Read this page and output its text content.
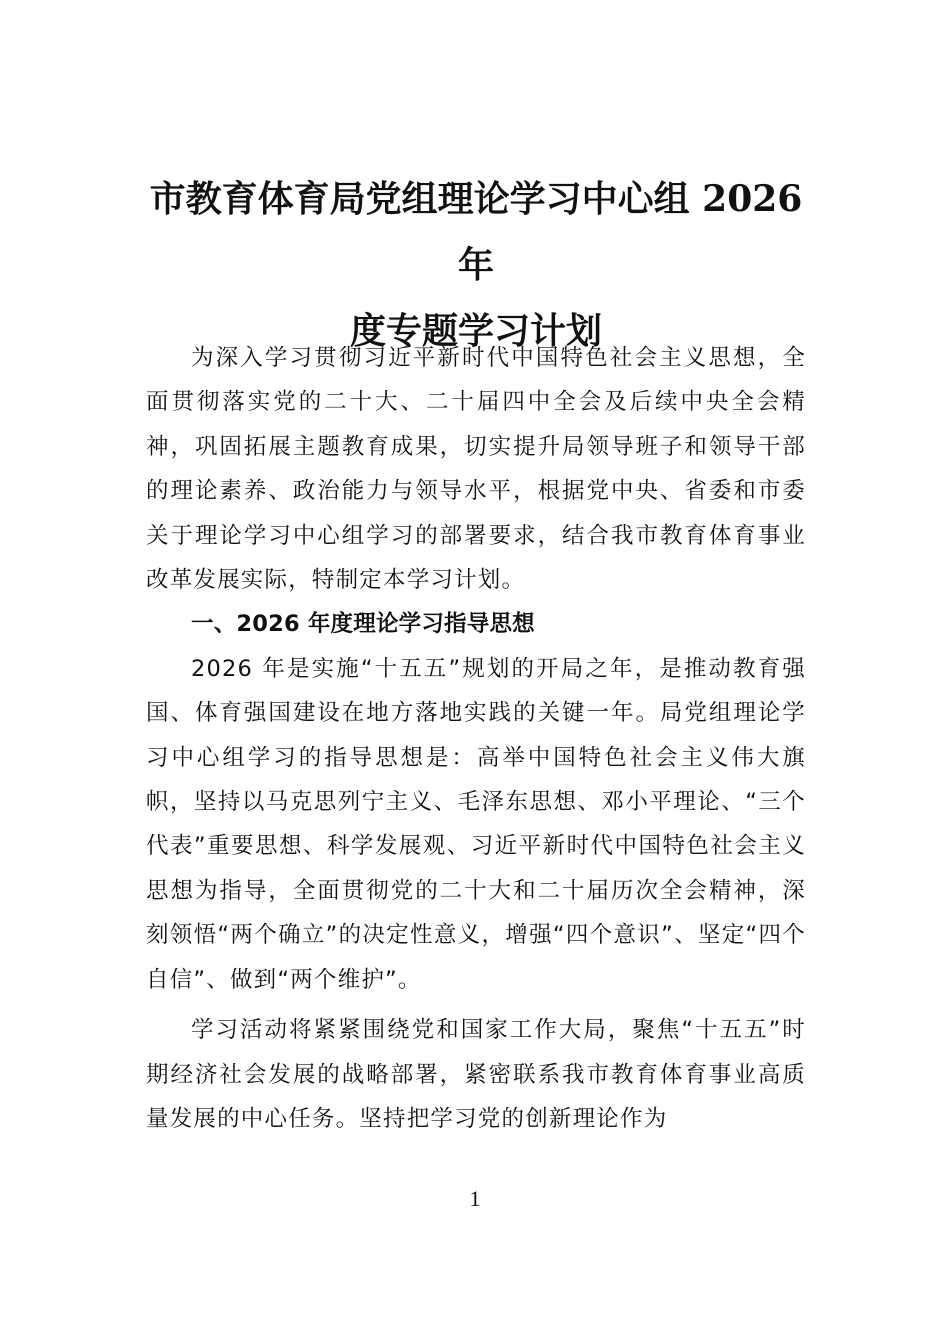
市教育体育局党组理论学习中心组 2026 年
度专题学习计划

为深入学习贯彻习近平新时代中国特色社会主义思想，全面贯彻落实党的二十大、二十届四中全会及后续中央全会精神，巩固拓展主题教育成果，切实提升局领导班子和领导干部的理论素养、政治能力与领导水平，根据党中央、省委和市委关于理论学习中心组学习的部署要求，结合我市教育体育事业改革发展实际，特制定本学习计划。

一、2026 年度理论学习指导思想

2026 年是实施“十五五”规划的开局之年，是推动教育强国、体育强国建设在地方落地实践的关键一年。局党组理论学习中心组学习的指导思想是：高举中国特色社会主义伟大旗帜，坚持以马克思列宁主义、毛泽东思想、邓小平理论、“三个代表”重要思想、科学发展观、习近平新时代中国特色社会主义思想为指导，全面贯彻党的二十大和二十届历次全会精神，深刻领悟“两个确立”的决定性意义，增强“四个意识”、坚定“四个自信”、做到“两个维护”。

学习活动将紧紧围绕党和国家工作大局，聚焦“十五五”时期经济社会发展的战略部署，紧密联系我市教育体育事业高质量发展的中心任务。坚持把学习党的创新理论作为

1
